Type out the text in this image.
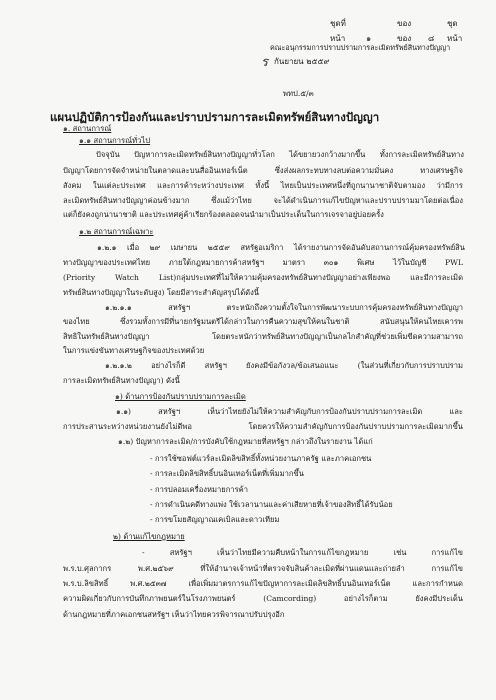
ชุดที่	ของ	ชุด
หน้า	๑	ของ ๘ หน้า
คณะอนุกรรมการปราบปรามการละเมิดทรัพย์สินทางปัญญา
ร กันยายน ๒๕๕๙
พทป.๕/๓
แผนปฏิบัติการป้องกันและปราบปรามการละเมิดทรัพย์สินทางปัญญา
๑. สถานการณ์
๑.๑ สถานการณ์ทั่วไป
ปัจจุบัน ปัญหาการละเมิดทรัพย์สินทางปัญญาทั่วโลก ได้ขยายวงกว้างมากขึ้น ทั้งการละเมิดทรัพย์สินทาง
ปัญญาโดยการจัดจำหน่ายในตลาดและบนสื่ออินเทอร์เน็ต ซึ่งส่งผลกระทบทางลบต่อความมั่นคง ทางเศรษฐกิจ
สังคม ในแต่ละประเทศ และการค้าระหว่างประเทศ ทั้งนี้ ไทยเป็นประเทศหนึ่งที่ถูกนานาชาติจับตามอง ว่ามีการ
ละเมิดทรัพย์สินทางปัญญาค่อนข้างมาก ซึ่งแม้ว่าไทย จะได้ดำเนินการแก้ไขปัญหาและปราบปรามมาโดยต่อเนื่อง
แต่ก็ยังคงถูกนานาชาติ และประเทศคู่ค้าเรียกร้องตลอดจนนำมาเป็นประเด็นในการเจรจาอยู่บ่อยครั้ง
๑.๒ สถานการณ์เฉพาะ
๑.๒.๑ เมื่อ ๒๙ เมษายน ๒๕๕๙ สหรัฐอเมริกา ได้รายงานการจัดอันดับสถานการณ์คุ้มครองทรัพย์สิน
ทางปัญญาของประเทศไทย ภายใต้กฎหมายการค้าสหรัฐฯ มาตรา ๓๐๑ พิเศษ ไว้ในบัญชี PWL
(Priority Watch List)กลุ่มประเทศที่ไม่ให้ความคุ้มครองทรัพย์สินทางปัญญาอย่างเพียงพอ และมีการละเมิด
ทรัพย์สินทางปัญญาในระดับสูง) โดยมีสาระสำคัญสรุปได้ดังนี้
๑.๒.๑.๑ สหรัฐฯ ตระหนักถึงความตั้งใจในการพัฒนาระบบการคุ้มครองทรัพย์สินทางปัญญา
ของไทย ซึ่งรวมทั้งการมีที่นายกรัฐมนตรีได้กล่าวในการคืนความสุขให้คนในชาติ สนับสนุนให้คนไทยเคารพ
สิทธิในทรัพย์สินทางปัญญา โดยตระหนักว่าทรัพย์สินทางปัญญาเป็นกลไกสำคัญที่ช่วยเพิ่มขีดความสามารถ
ในการแข่งขันทางเศรษฐกิจของประเทศด้วย
๑.๒.๑.๒ อย่างไรก็ดี สหรัฐฯ ยังคงมีข้อกังวล/ข้อเสนอแนะ (ในส่วนที่เกี่ยวกับการปราบปราม
การละเมิดทรัพย์สินทางปัญญา) ดังนี้
๑) ด้านการป้องกันปราบปรามการละเมิด
๑.๑) สหรัฐฯ เห็นว่าไทยยังไม่ให้ความสำคัญกับการป้องกันปราบปรามการละเมิด และ
การประสานระหว่างหน่วยงานยังไม่ดีพอ โดยควรให้ความสำคัญกับการป้องกันปราบปรามการละเมิดมากขึ้น
๑.๒) ปัญหาการละเมิด/การบังคับใช้กฎหมายที่สหรัฐฯ กล่าวถึงในรายงาน ได้แก่
- การใช้ซอฟต์แวร์ละเมิดลิขสิทธิ์ทั้งหน่วยงานภาครัฐ และภาคเอกชน
- การละเมิดลิขสิทธิ์บนอินเทอร์เน็ตที่เพิ่มมากขึ้น
- การปลอมเครื่องหมายการค้า
- การดำเนินคดีทางแพ่ง ใช้เวลานานและค่าเสียหายที่เจ้าของสิทธิ์ได้รับน้อย
- การขโมยสัญญาณเคเบิลและดาวเทียม
๒) ด้านแก้ไขกฎหมาย
- สหรัฐฯ เห็นว่าไทยมีความคืบหน้าในการแก้ไขกฎหมาย เช่น การแก้ไข
พ.ร.บ.ศุลกากร พ.ศ.๒๕๖๙ ที่ให้อำนาจเจ้าหน้าที่ตรวจจับสินค้าละเมิดที่ผ่านแดนและถ่ายลำ การแก้ไข
พ.ร.บ.ลิขสิทธิ์ พ.ศ.๒๕๓๗ เพื่อเพิ่มมาตรการแก้ไขปัญหาการละเมิดลิขสิทธิ์บนอินเทอร์เน็ต และการกำหนด
ความผิดเกี่ยวกับการบันทึกภาพยนตร์ในโรงภาพยนตร์ (Camcording) อย่างไรก็ตาม ยังคงมีประเด็น
ด้านกฎหมายที่ภาคเอกชนสหรัฐฯ เห็นว่าไทยควรพิจารณาปรับปรุงอีก
